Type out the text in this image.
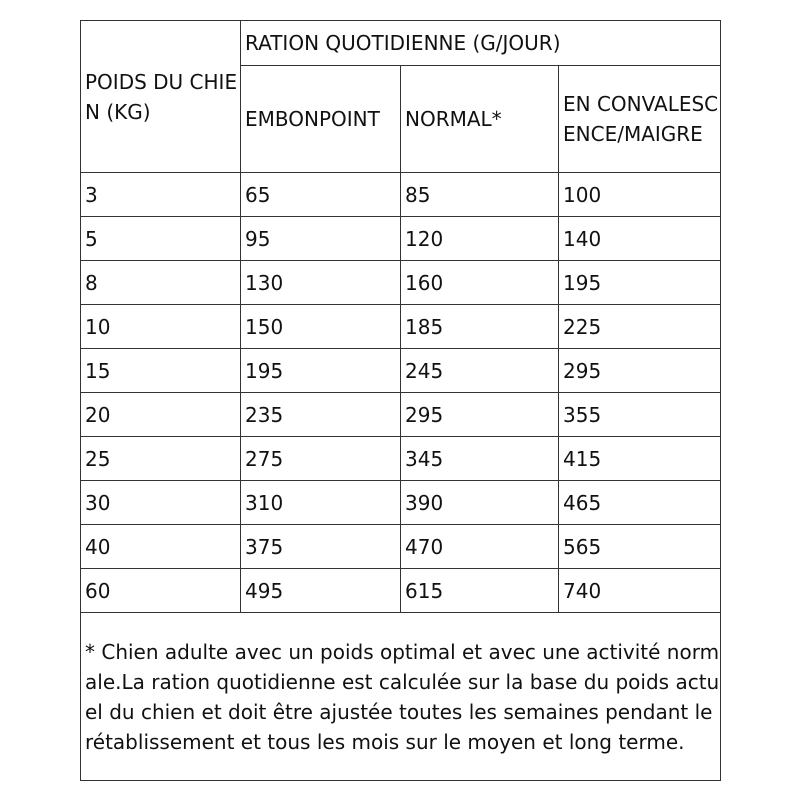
POIDS DU CHIEN (KG)	RATION QUOTIDIENNE (G/JOUR)		
	EMBONPOINT	NORMAL*	EN CONVALESCENCE/MAIGRE
3	65	85	100
5	95	120	140
8	130	160	195
10	150	185	225
15	195	245	295
20	235	295	355
25	275	345	415
30	310	390	465
40	375	470	565
60	495	615	740
* Chien adulte avec un poids optimal et avec une activité normale.La ration quotidienne est calculée sur la base du poids actuel du chien et doit être ajustée toutes les semaines pendant le rétablissement et tous les mois sur le moyen et long terme.			
